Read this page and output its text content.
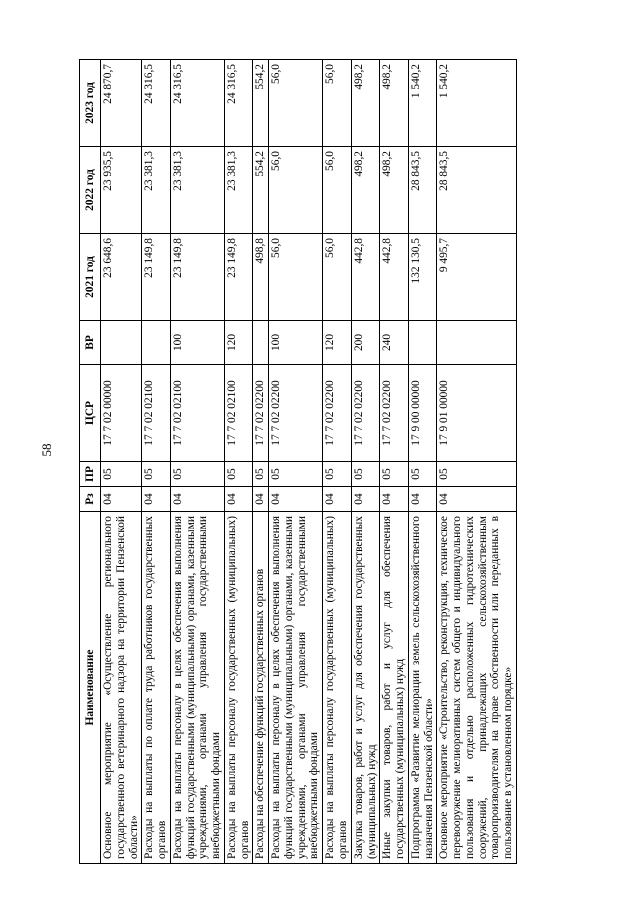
58
Наименование	Рз	ПР	ЦСР	ВР	2021 год	2022 год	2023 год
Основное мероприятие «Осуществление регионального государственного ветеринарного надзора на территории Пензенской области»	04	05	17 7 02 00000		23 648,6	23 935,5	24 870,7
Расходы на выплаты по оплате труда работников государственных органов	04	05	17 7 02 02100		23 149,8	23 381,3	24 316,5
Расходы на выплаты персоналу в целях обеспечения выполнения функций государственными (муниципальными) органами, казенными учреждениями, органами управления государственными внебюджетными фондами	04	05	17 7 02 02100	100	23 149,8	23 381,3	24 316,5
Расходы на выплаты персоналу государственных (муниципальных) органов	04	05	17 7 02 02100	120	23 149,8	23 381,3	24 316,5
Расходы на обеспечение функций государственных органов	04	05	17 7 02 02200		498,8	554,2	554,2
Расходы на выплаты персоналу в целях обеспечения выполнения функций государственными (муниципальными) органами, казенными учреждениями, органами управления государственными внебюджетными фондами	04	05	17 7 02 02200	100	56,0	56,0	56,0
Расходы на выплаты персоналу государственных (муниципальных) органов	04	05	17 7 02 02200	120	56,0	56,0	56,0
Закупка товаров, работ и услуг для обеспечения государственных (муниципальных) нужд	04	05	17 7 02 02200	200	442,8	498,2	498,2
Иные закупки товаров, работ и услуг для обеспечения государственных (муниципальных) нужд	04	05	17 7 02 02200	240	442,8	498,2	498,2
Подпрограмма «Развитие мелиорации земель сельскохозяйственного назначения Пензенской области»	04	05	17 9 00 00000		132 130,5	28 843,5	1 540,2
Основное мероприятие «Строительство, реконструкция, техническое перевооружение мелиоративных систем общего и индивидуального пользования и отдельно расположенных гидротехнических сооружений, принадлежащих сельскохозяйственным товаропроизводителям на праве собственности или переданных в пользование в установленном порядке»	04	05	17 9 01 00000		9 495,7	28 843,5	1 540,2
